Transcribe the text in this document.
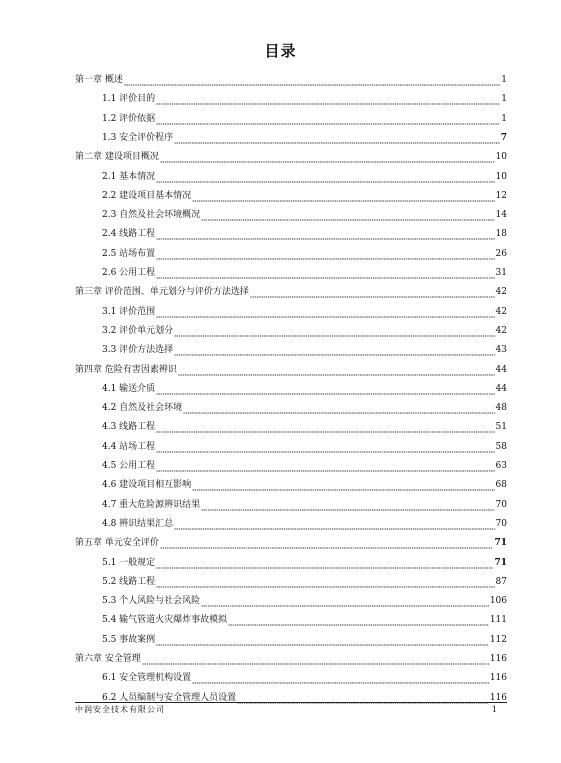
目录
第一章 概述	1
1.1 评价目的	1
1.2 评价依据	1
1.3 安全评价程序	7
第二章 建设项目概况	10
2.1 基本情况	10
2.2 建设项目基本情况	12
2.3 自然及社会环境概况	14
2.4 线路工程	18
2.5 站场布置	26
2.6 公用工程	31
第三章 评价范围、单元划分与评价方法选择	42
3.1 评价范围	42
3.2 评价单元划分	42
3.3 评价方法选择	43
第四章 危险有害因素辨识	44
4.1 输送介质	44
4.2 自然及社会环境	48
4.3 线路工程	51
4.4 站场工程	58
4.5 公用工程	63
4.6 建设项目相互影响	68
4.7 重大危险源辨识结果	70
4.8 辨识结果汇总	70
第五章 单元安全评价	71
5.1 一般规定	71
5.2 线路工程	87
5.3 个人风险与社会风险	106
5.4 输气管道火灾爆炸事故模拟	111
5.5 事故案例	112
第六章 安全管理	116
6.1 安全管理机构设置	116
6.2 人员编制与安全管理人员设置	116
中润安全技术有限公司	1
